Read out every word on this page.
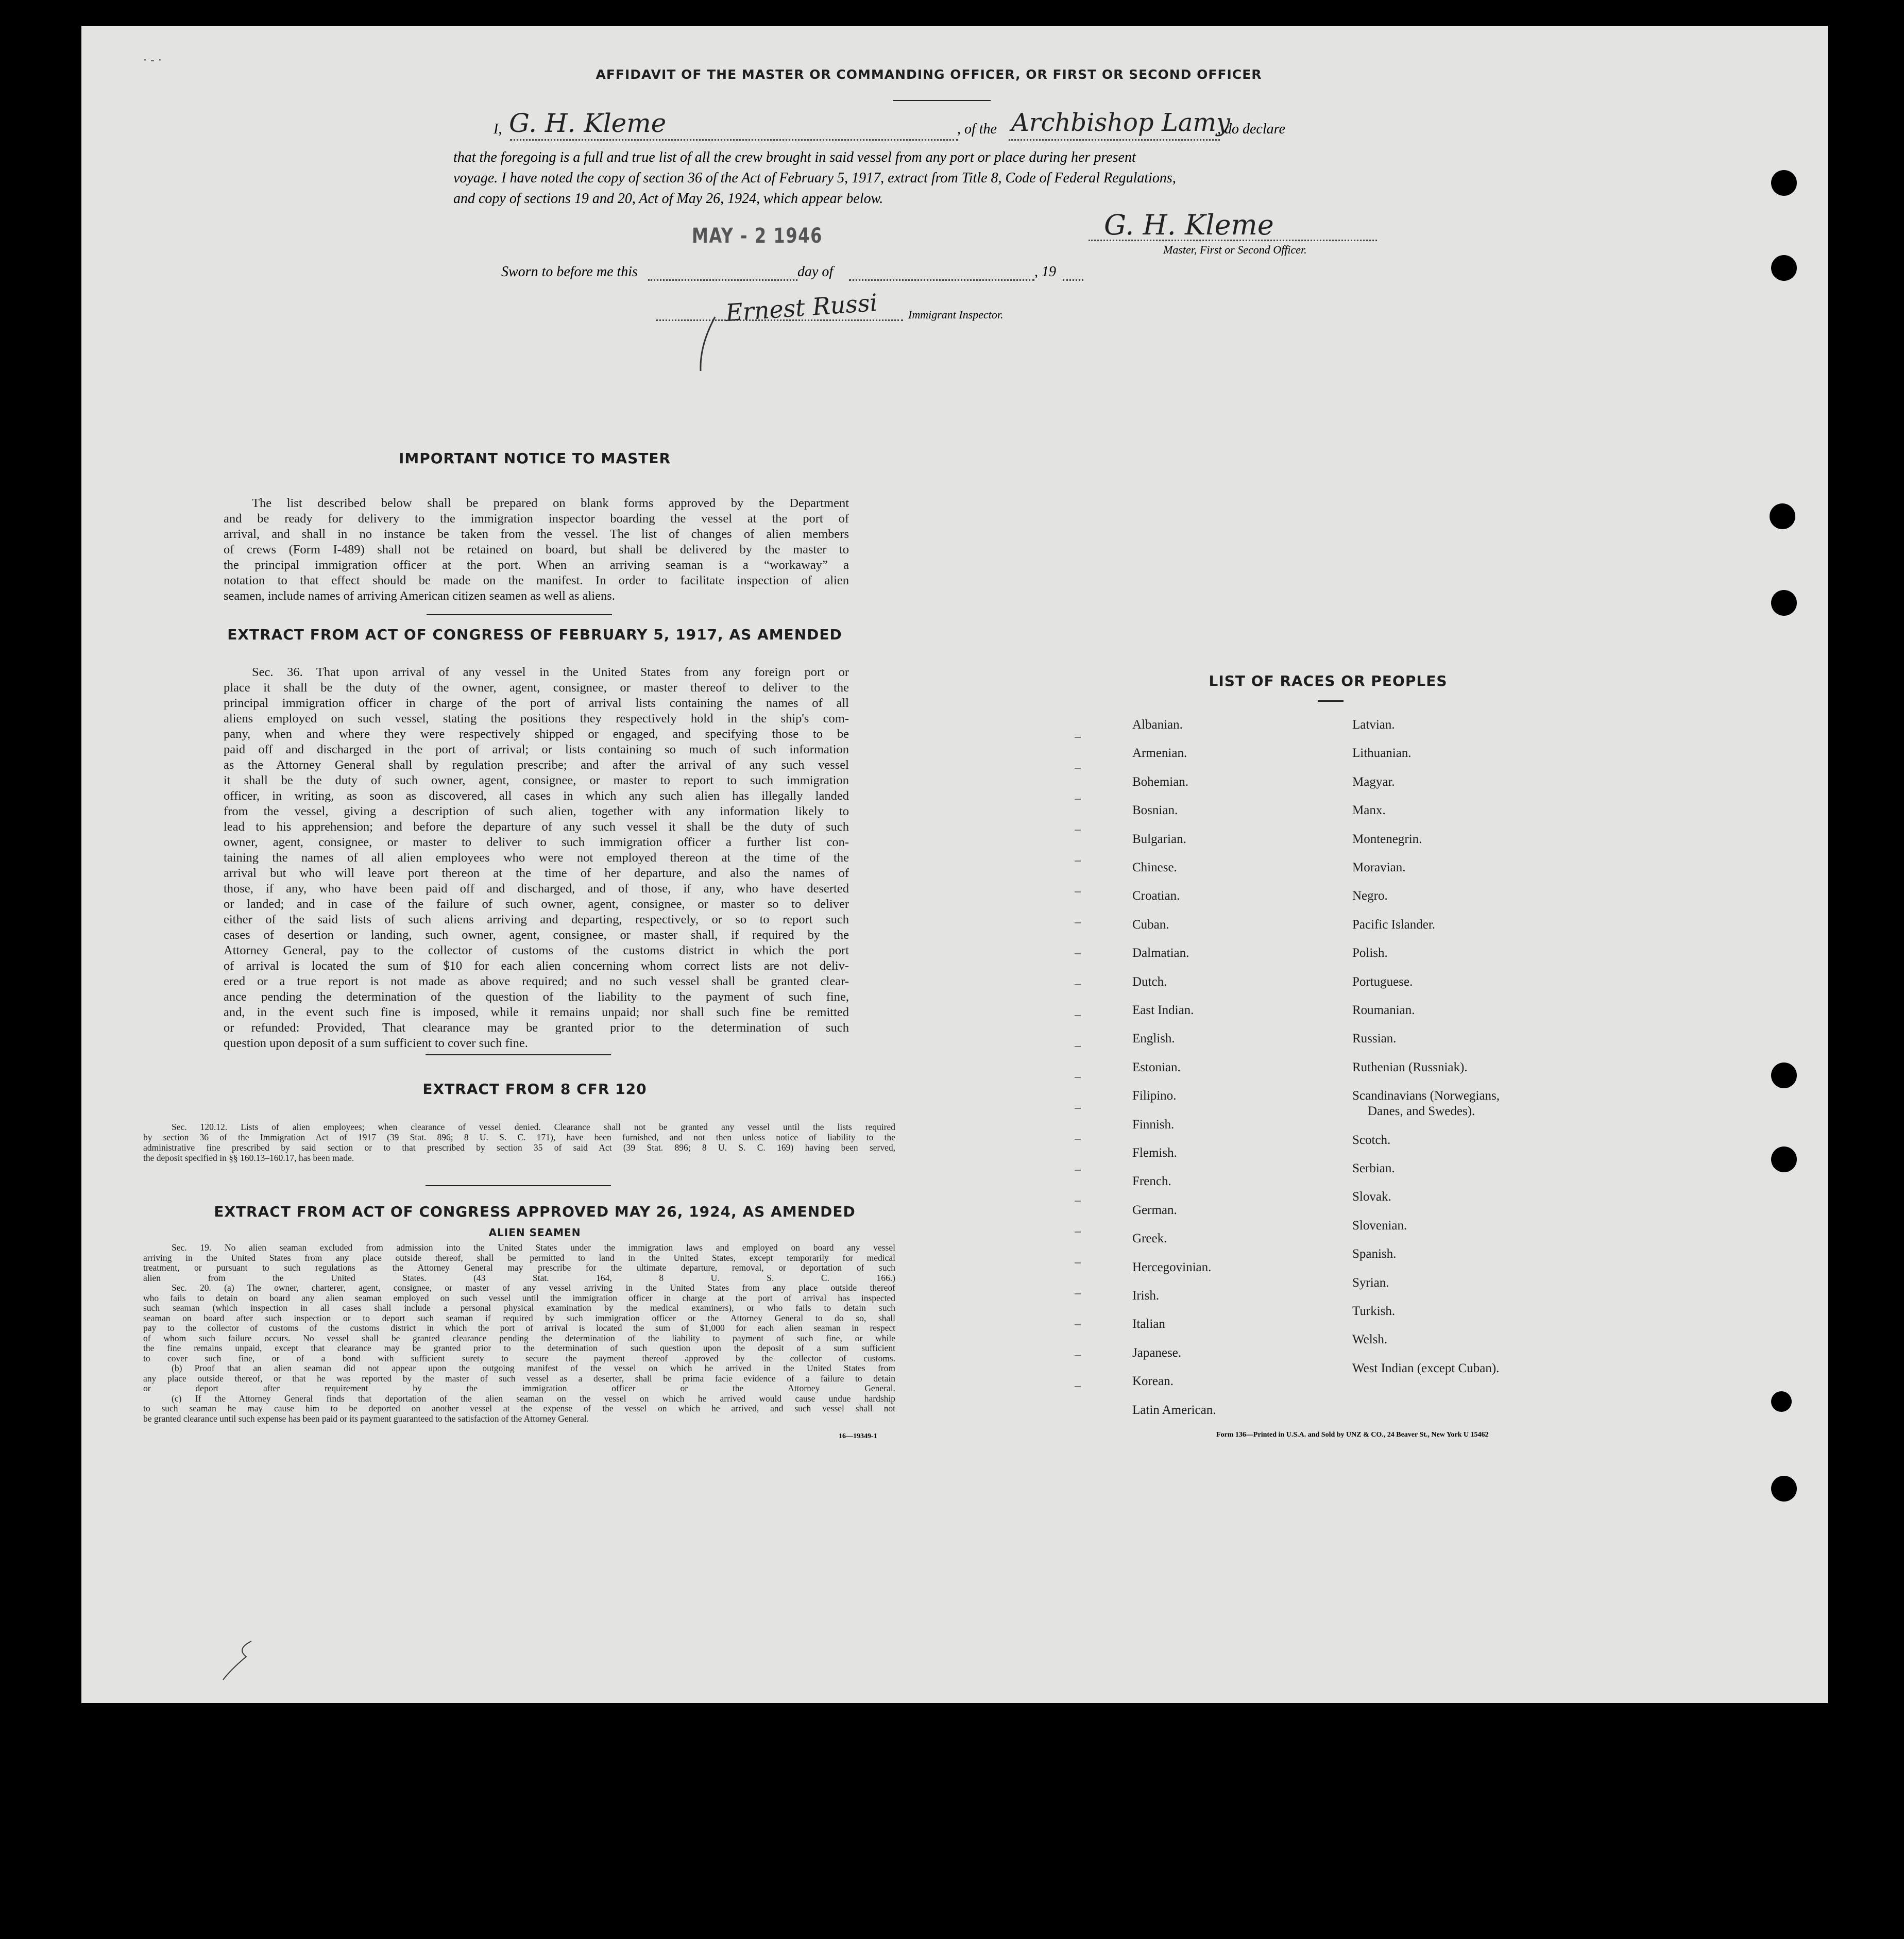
AFFIDAVIT OF THE MASTER OR COMMANDING OFFICER, OR FIRST OR SECOND OFFICER
I, G. H. Kleme	, of the Archbishop Lamy
, do declare
that the foregoing is a full and true list of all the crew brought in said vessel from any port or place during her present
voyage. I have noted the copy of section 36 of the Act of February 5, 1917, extract from Title 8, Code of Federal Regulations,
and copy of sections 19 and 20, Act of May 26, 1924, which appear below.
MAY - 2 1946	G. H. Kleme
Master, First or Second Officer.
Sworn to before me this	day of	, 19
Ernest Russi	Immigrant Inspector.
IMPORTANT NOTICE TO MASTER
The list described below shall be prepared on blank forms approved by the Department
and be ready for delivery to the immigration inspector boarding the vessel at the port of
arrival, and shall in no instance be taken from the vessel. The list of changes of alien members
of crews (Form I-489) shall not be retained on board, but shall be delivered by the master to
the principal immigration officer at the port. When an arriving seaman is a “workaway” a
notation to that effect should be made on the manifest. In order to facilitate inspection of alien
seamen, include names of arriving American citizen seamen as well as aliens.
EXTRACT FROM ACT OF CONGRESS OF FEBRUARY 5, 1917, AS AMENDED
Sec. 36. That upon arrival of any vessel in the United States from any foreign port or
place it shall be the duty of the owner, agent, consignee, or master thereof to deliver to the
principal immigration officer in charge of the port of arrival lists containing the names of all
aliens employed on such vessel, stating the positions they respectively hold in the ship's com-
pany, when and where they were respectively shipped or engaged, and specifying those to be
paid off and discharged in the port of arrival; or lists containing so much of such information
as the Attorney General shall by regulation prescribe; and after the arrival of any such vessel
it shall be the duty of such owner, agent, consignee, or master to report to such immigration
officer, in writing, as soon as discovered, all cases in which any such alien has illegally landed
from the vessel, giving a description of such alien, together with any information likely to
lead to his apprehension; and before the departure of any such vessel it shall be the duty of such
owner, agent, consignee, or master to deliver to such immigration officer a further list con-
taining the names of all alien employees who were not employed thereon at the time of the
arrival but who will leave port thereon at the time of her departure, and also the names of
those, if any, who have been paid off and discharged, and of those, if any, who have deserted
or landed; and in case of the failure of such owner, agent, consignee, or master so to deliver
either of the said lists of such aliens arriving and departing, respectively, or so to report such
cases of desertion or landing, such owner, agent, consignee, or master shall, if required by the
Attorney General, pay to the collector of customs of the customs district in which the port
of arrival is located the sum of $10 for each alien concerning whom correct lists are not deliv-
ered or a true report is not made as above required; and no such vessel shall be granted clear-
ance pending the determination of the question of the liability to the payment of such fine,
and, in the event such fine is imposed, while it remains unpaid; nor shall such fine be remitted
or refunded: Provided, That clearance may be granted prior to the determination of such
question upon deposit of a sum sufficient to cover such fine.
EXTRACT FROM 8 CFR 120
Sec. 120.12. Lists of alien employees; when clearance of vessel denied. Clearance shall not be granted any vessel until the lists required
by section 36 of the Immigration Act of 1917 (39 Stat. 896; 8 U. S. C. 171), have been furnished, and not then unless notice of liability to the
administrative fine prescribed by said section or to that prescribed by section 35 of said Act (39 Stat. 896; 8 U. S. C. 169) having been served,
the deposit specified in §§ 160.13–160.17, has been made.
EXTRACT FROM ACT OF CONGRESS APPROVED MAY 26, 1924, AS AMENDED
ALIEN SEAMEN
Sec. 19. No alien seaman excluded from admission into the United States under the immigration laws and employed on board any vessel
arriving in the United States from any place outside thereof, shall be permitted to land in the United States, except temporarily for medical
treatment, or pursuant to such regulations as the Attorney General may prescribe for the ultimate departure, removal, or deportation of such
alien from the United States. (43 Stat. 164, 8 U. S. C. 166.)
Sec. 20. (a) The owner, charterer, agent, consignee, or master of any vessel arriving in the United States from any place outside thereof
who fails to detain on board any alien seaman employed on such vessel until the immigration officer in charge at the port of arrival has inspected
such seaman (which inspection in all cases shall include a personal physical examination by the medical examiners), or who fails to detain such
seaman on board after such inspection or to deport such seaman if required by such immigration officer or the Attorney General to do so, shall
pay to the collector of customs of the customs district in which the port of arrival is located the sum of $1,000 for each alien seaman in respect
of whom such failure occurs. No vessel shall be granted clearance pending the determination of the liability to payment of such fine, or while
the fine remains unpaid, except that clearance may be granted prior to the determination of such question upon the deposit of a sum sufficient
to cover such fine, or of a bond with sufficient surety to secure the payment thereof approved by the collector of customs.
(b) Proof that an alien seaman did not appear upon the outgoing manifest of the vessel on which he arrived in the United States from
any place outside thereof, or that he was reported by the master of such vessel as a deserter, shall be prima facie evidence of a failure to detain
or deport after requirement by the immigration officer or the Attorney General.
(c) If the Attorney General finds that deportation of the alien seaman on the vessel on which he arrived would cause undue hardship
to such seaman he may cause him to be deported on another vessel at the expense of the vessel on which he arrived, and such vessel shall not
be granted clearance until such expense has been paid or its payment guaranteed to the satisfaction of the Attorney General.
16—19349-1
LIST OF RACES OR PEOPLES
Albanian.
Armenian.
Bohemian.
Bosnian.
Bulgarian.
Chinese.
Croatian.
Cuban.
Dalmatian.
Dutch.
East Indian.
English.
Estonian.
Filipino.
Finnish.
Flemish.
French.
German.
Greek.
Hercegovinian.
Irish.
Italian
Japanese.
Korean.
Latin American.
Latvian.
Lithuanian.
Magyar.
Manx.
Montenegrin.
Moravian.
Negro.
Pacific Islander.
Polish.
Portuguese.
Roumanian.
Russian.
Ruthenian (Russniak).
Scandinavians (Norwegians,
Danes, and Swedes).
Scotch.
Serbian.
Slovak.
Slovenian.
Spanish.
Syrian.
Turkish.
Welsh.
West Indian (except Cuban).
Form 136—Printed in U.S.A. and Sold by UNZ & CO., 24 Beaver St., New York U 15462
· ‐ ·
